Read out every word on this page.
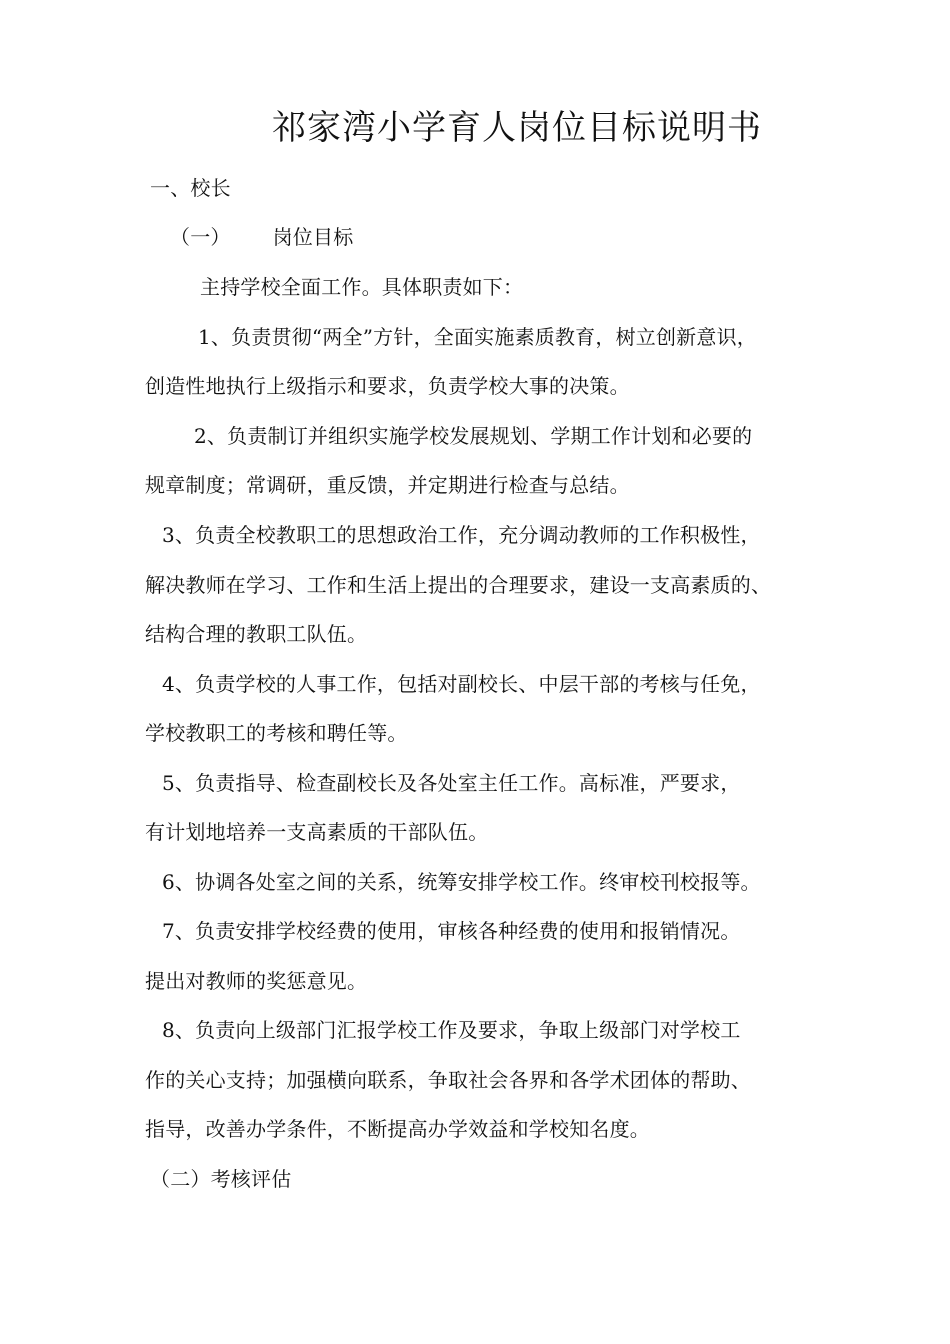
祁家湾小学育人岗位目标说明书
一、校长
（一） 岗位目标
主持学校全面工作。具体职责如下：
1、负责贯彻“两全”方针，全面实施素质教育，树立创新意识，
创造性地执行上级指示和要求，负责学校大事的决策。
2、负责制订并组织实施学校发展规划、学期工作计划和必要的
规章制度；常调研，重反馈，并定期进行检查与总结。
3、负责全校教职工的思想政治工作，充分调动教师的工作积极性，
解决教师在学习、工作和生活上提出的合理要求，建设一支高素质的、
结构合理的教职工队伍。
4、负责学校的人事工作，包括对副校长、中层干部的考核与任免，
学校教职工的考核和聘任等。
5、负责指导、检查副校长及各处室主任工作。高标准，严要求，
有计划地培养一支高素质的干部队伍。
6、协调各处室之间的关系，统筹安排学校工作。终审校刊校报等。
7、负责安排学校经费的使用，审核各种经费的使用和报销情况。
提出对教师的奖惩意见。
8、负责向上级部门汇报学校工作及要求，争取上级部门对学校工
作的关心支持；加强横向联系，争取社会各界和各学术团体的帮助、
指导，改善办学条件，不断提高办学效益和学校知名度。
（二）考核评估
